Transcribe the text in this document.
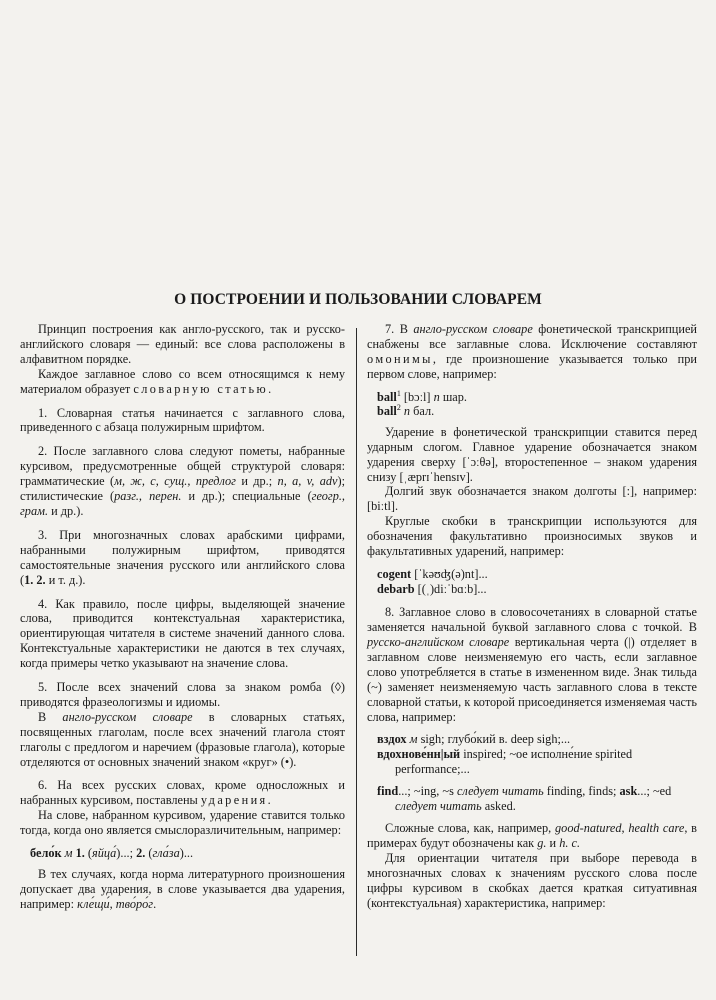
О ПОСТРОЕНИИ И ПОЛЬЗОВАНИИ СЛОВАРЕМ

Принцип построения как англо-русского, так и русско-английского словаря — единый: все слова расположены в алфавитном порядке.

Каждое заглавное слово со всем относящимся к нему материалом образует словарную статью.

1. Словарная статья начинается с заглавного слова, приведенного с абзаца полужирным шрифтом.

2. После заглавного слова следуют пометы, набранные курсивом, предусмотренные общей структурой словаря: грамматические (м, ж, с, сущ., предлог и др.; n, a, v, adv); стилистические (разг., перен. и др.); специальные (геогр., грам. и др.).

3. При многозначных словах арабскими цифрами, набранными полужирным шрифтом, приводятся самостоятельные значения русского или английского слова (1. 2. и т. д.).

4. Как правило, после цифры, выделяющей значение слова, приводится контекстуальная характеристика, ориентирующая читателя в системе значений данного слова. Контекстуальные характеристики не даются в тех случаях, когда примеры четко указывают на значение слова.

5. После всех значений слова за знаком ромба (◊) приводятся фразеологизмы и идиомы.

В англо-русском словаре в словарных статьях, посвященных глаголам, после всех значений глагола стоят глаголы с предлогом и наречием (фразовые глагола), которые отделяются от основных значений знаком «круг» (•).

6. На всех русских словах, кроме односложных и набранных курсивом, поставлены ударения.

На слове, набранном курсивом, ударение ставится только тогда, когда оно является смыслоразличительным, например:

бело́к м 1. (яйца́)...; 2. (гла́за)...

В тех случаях, когда норма литературного произношения допускает два ударения, в слове указывается два ударения, например: кле́щи́, тво́ро́г.

7. В англо-русском словаре фонетической транскрипцией снабжены все заглавные слова. Исключение составляют омонимы, где произношение указывается только при первом слове, например:

ball$^1$ [bɔːl] n шар.
ball$^2$ n бал.

Ударение в фонетической транскрипции ставится перед ударным слогом. Главное ударение обозначается знаком ударения сверху [ˈɔːθə], второстепенное – знаком ударения снизу [ˌæprɪˈhensɪv].

Долгий звук обозначается знаком долготы [:], например: [biːtl].

Круглые скобки в транскрипции используются для обозначения факультативно произносимых звуков и факультативных ударений, например:

cogent [ˈkəʊʤ(ə)nt]...
debarb [(ˌ)diːˈbɑːb]...

8. Заглавное слово в словосочетаниях в словарной статье заменяется начальной буквой заглавного слова с точкой. В русско-английском словаре вертикальная черта (|) отделяет в заглавном слове неизменяемую его часть, если заглавное слово употребляется в статье в измененном виде. Знак тильда (~) заменяет неизменяемую часть заглавного слова в тексте словарной статьи, к которой присоединяется изменяемая часть слова, например:

вздох м sigh; глубо́кий в. deep sigh;...
вдохнове́нн|ый inspired; ~ое исполне́ние spirited performance;...
find...; ~ing, ~s следует читать finding, finds; ask...; ~ed следует читать asked.

Сложные слова, как, например, good-natured, health care, в примерах будут обозначены как g. и h. c.

Для ориентации читателя при выборе перевода в многозначных словах к значениям русского слова после цифры курсивом в скобках дается краткая ситуативная (контекстуальная) характеристика, например:
